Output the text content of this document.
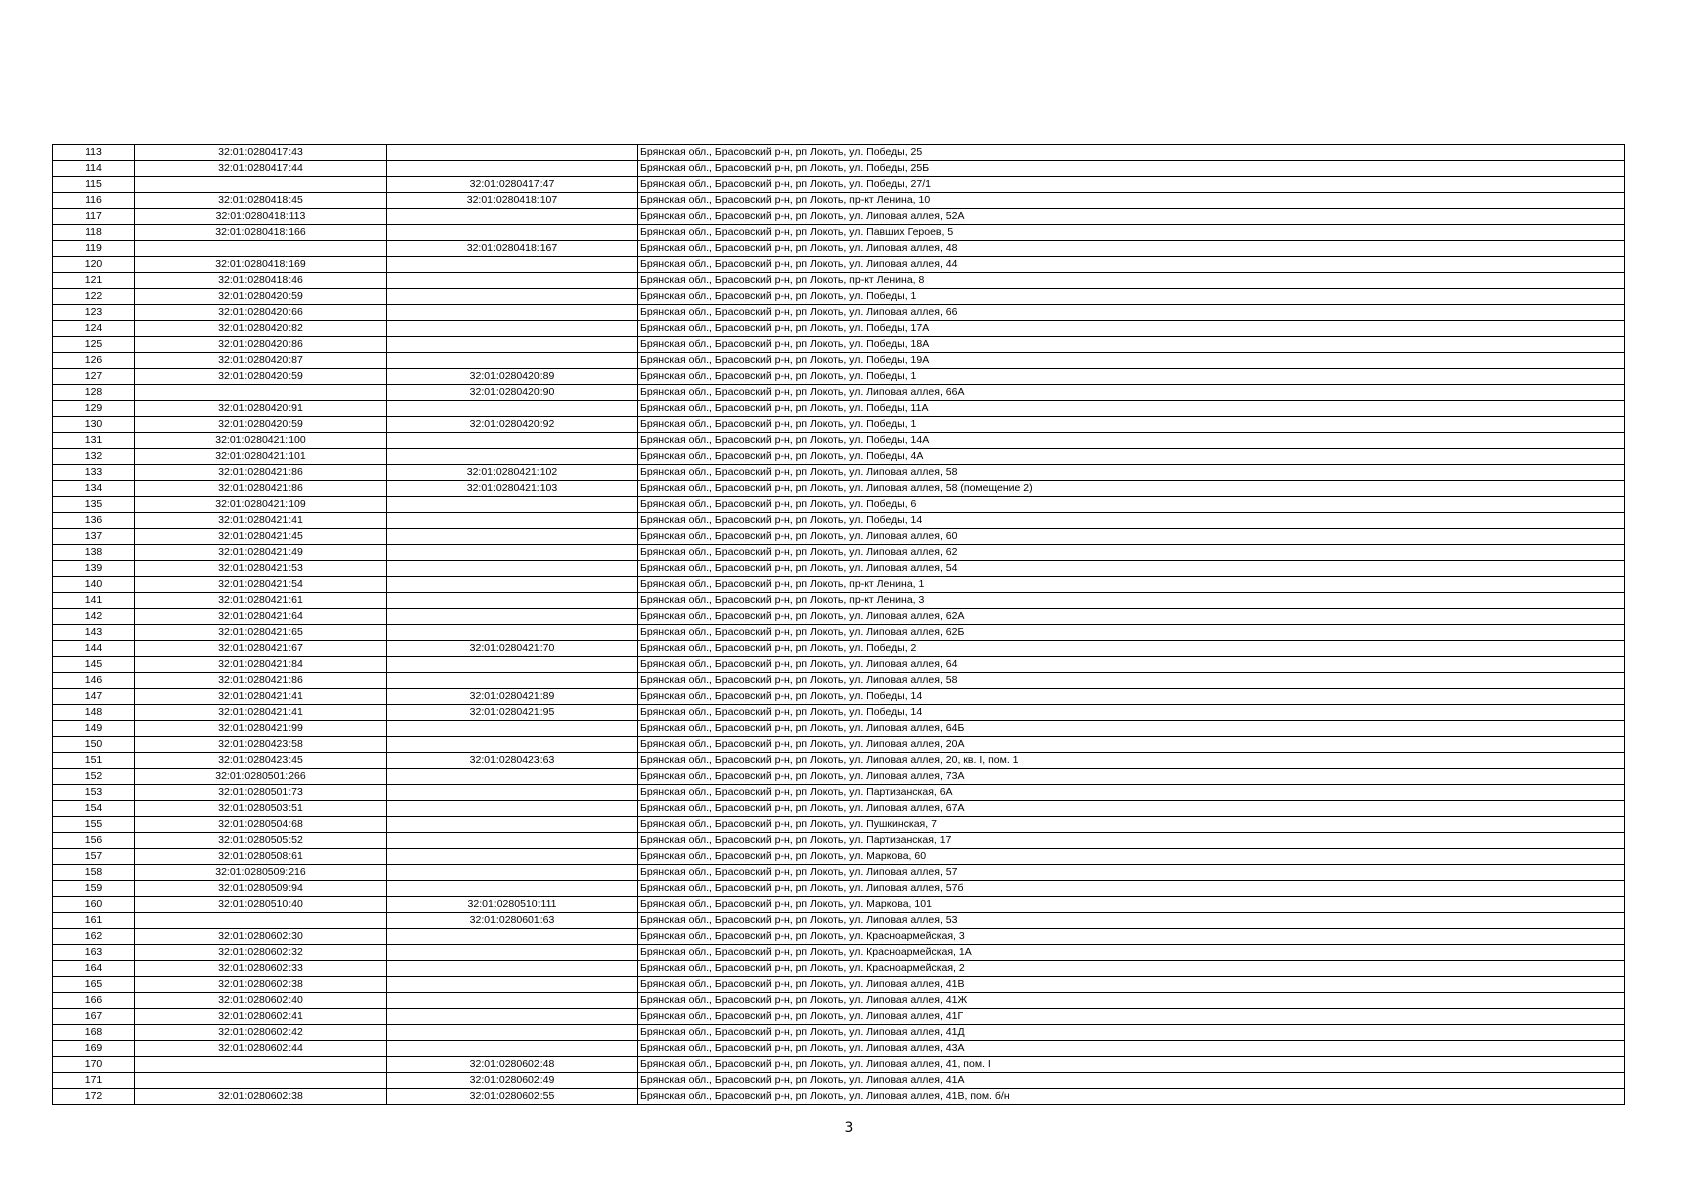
113	32:01:0280417:43		Брянская обл., Брасовский р-н, рп Локоть, ул. Победы, 25
114	32:01:0280417:44		Брянская обл., Брасовский р-н, рп Локоть, ул. Победы, 25Б
115		32:01:0280417:47	Брянская обл., Брасовский р-н, рп Локоть, ул. Победы, 27/1
116	32:01:0280418:45	32:01:0280418:107	Брянская обл., Брасовский р-н, рп Локоть, пр-кт Ленина, 10
117	32:01:0280418:113		Брянская обл., Брасовский р-н, рп Локоть, ул. Липовая аллея, 52А
118	32:01:0280418:166		Брянская обл., Брасовский р-н, рп Локоть, ул. Павших Героев, 5
119		32:01:0280418:167	Брянская обл., Брасовский р-н, рп Локоть, ул. Липовая аллея, 48
120	32:01:0280418:169		Брянская обл., Брасовский р-н, рп Локоть, ул. Липовая аллея, 44
121	32:01:0280418:46		Брянская обл., Брасовский р-н, рп Локоть, пр-кт Ленина, 8
122	32:01:0280420:59		Брянская обл., Брасовский р-н, рп Локоть, ул. Победы, 1
123	32:01:0280420:66		Брянская обл., Брасовский р-н, рп Локоть, ул. Липовая аллея, 66
124	32:01:0280420:82		Брянская обл., Брасовский р-н, рп Локоть, ул. Победы, 17А
125	32:01:0280420:86		Брянская обл., Брасовский р-н, рп Локоть, ул. Победы, 18А
126	32:01:0280420:87		Брянская обл., Брасовский р-н, рп Локоть, ул. Победы, 19А
127	32:01:0280420:59	32:01:0280420:89	Брянская обл., Брасовский р-н, рп Локоть, ул. Победы, 1
128		32:01:0280420:90	Брянская обл., Брасовский р-н, рп Локоть, ул. Липовая аллея, 66А
129	32:01:0280420:91		Брянская обл., Брасовский р-н, рп Локоть, ул. Победы, 11А
130	32:01:0280420:59	32:01:0280420:92	Брянская обл., Брасовский р-н, рп Локоть, ул. Победы, 1
131	32:01:0280421:100		Брянская обл., Брасовский р-н, рп Локоть, ул. Победы, 14А
132	32:01:0280421:101		Брянская обл., Брасовский р-н, рп Локоть, ул. Победы, 4А
133	32:01:0280421:86	32:01:0280421:102	Брянская обл., Брасовский р-н, рп Локоть, ул. Липовая аллея, 58
134	32:01:0280421:86	32:01:0280421:103	Брянская обл., Брасовский р-н, рп Локоть, ул. Липовая аллея, 58 (помещение 2)
135	32:01:0280421:109		Брянская обл., Брасовский р-н, рп Локоть, ул. Победы, 6
136	32:01:0280421:41		Брянская обл., Брасовский р-н, рп Локоть, ул. Победы, 14
137	32:01:0280421:45		Брянская обл., Брасовский р-н, рп Локоть, ул. Липовая аллея, 60
138	32:01:0280421:49		Брянская обл., Брасовский р-н, рп Локоть, ул. Липовая аллея, 62
139	32:01:0280421:53		Брянская обл., Брасовский р-н, рп Локоть, ул. Липовая аллея, 54
140	32:01:0280421:54		Брянская обл., Брасовский р-н, рп Локоть, пр-кт Ленина, 1
141	32:01:0280421:61		Брянская обл., Брасовский р-н, рп Локоть, пр-кт Ленина, 3
142	32:01:0280421:64		Брянская обл., Брасовский р-н, рп Локоть, ул. Липовая аллея, 62А
143	32:01:0280421:65		Брянская обл., Брасовский р-н, рп Локоть, ул. Липовая аллея, 62Б
144	32:01:0280421:67	32:01:0280421:70	Брянская обл., Брасовский р-н, рп Локоть, ул. Победы, 2
145	32:01:0280421:84		Брянская обл., Брасовский р-н, рп Локоть, ул. Липовая аллея, 64
146	32:01:0280421:86		Брянская обл., Брасовский р-н, рп Локоть, ул. Липовая аллея, 58
147	32:01:0280421:41	32:01:0280421:89	Брянская обл., Брасовский р-н, рп Локоть, ул. Победы, 14
148	32:01:0280421:41	32:01:0280421:95	Брянская обл., Брасовский р-н, рп Локоть, ул. Победы, 14
149	32:01:0280421:99		Брянская обл., Брасовский р-н, рп Локоть, ул. Липовая аллея, 64Б
150	32:01:0280423:58		Брянская обл., Брасовский р-н, рп Локоть, ул. Липовая аллея, 20А
151	32:01:0280423:45	32:01:0280423:63	Брянская обл., Брасовский р-н, рп Локоть, ул. Липовая аллея, 20, кв. I, пом. 1
152	32:01:0280501:266		Брянская обл., Брасовский р-н, рп Локоть, ул. Липовая аллея, 73А
153	32:01:0280501:73		Брянская обл., Брасовский р-н, рп Локоть, ул. Партизанская, 6А
154	32:01:0280503:51		Брянская обл., Брасовский р-н, рп Локоть, ул. Липовая аллея, 67А
155	32:01:0280504:68		Брянская обл., Брасовский р-н, рп Локоть, ул. Пушкинская, 7
156	32:01:0280505:52		Брянская обл., Брасовский р-н, рп Локоть, ул. Партизанская, 17
157	32:01:0280508:61		Брянская обл., Брасовский р-н, рп Локоть, ул. Маркова, 60
158	32:01:0280509:216		Брянская обл., Брасовский р-н, рп Локоть, ул. Липовая аллея, 57
159	32:01:0280509:94		Брянская обл., Брасовский р-н, рп Локоть, ул. Липовая аллея, 57б
160	32:01:0280510:40	32:01:0280510:111	Брянская обл., Брасовский р-н, рп Локоть, ул. Маркова, 101
161		32:01:0280601:63	Брянская обл., Брасовский р-н, рп Локоть, ул. Липовая аллея, 53
162	32:01:0280602:30		Брянская обл., Брасовский р-н, рп Локоть, ул. Красноармейская, 3
163	32:01:0280602:32		Брянская обл., Брасовский р-н, рп Локоть, ул. Красноармейская, 1А
164	32:01:0280602:33		Брянская обл., Брасовский р-н, рп Локоть, ул. Красноармейская, 2
165	32:01:0280602:38		Брянская обл., Брасовский р-н, рп Локоть, ул. Липовая аллея, 41В
166	32:01:0280602:40		Брянская обл., Брасовский р-н, рп Локоть, ул. Липовая аллея, 41Ж
167	32:01:0280602:41		Брянская обл., Брасовский р-н, рп Локоть, ул. Липовая аллея, 41Г
168	32:01:0280602:42		Брянская обл., Брасовский р-н, рп Локоть, ул. Липовая аллея, 41Д
169	32:01:0280602:44		Брянская обл., Брасовский р-н, рп Локоть, ул. Липовая аллея, 43А
170		32:01:0280602:48	Брянская обл., Брасовский р-н, рп Локоть, ул. Липовая аллея, 41, пом. I
171		32:01:0280602:49	Брянская обл., Брасовский р-н, рп Локоть, ул. Липовая аллея, 41А
172	32:01:0280602:38	32:01:0280602:55	Брянская обл., Брасовский р-н, рп Локоть, ул. Липовая аллея, 41В, пом. б/н
3
